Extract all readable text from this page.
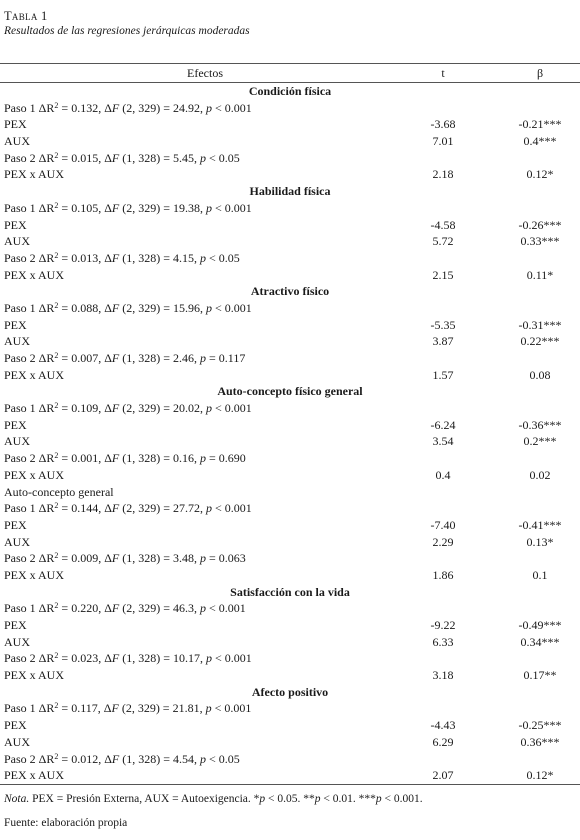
Tabla 1
Resultados de las regresiones jerárquicas moderadas
Efectos	t	β
Condición física
Paso 1 $\Delta R^2 = 0.132$, ΔF (2, 329) = 24.92, p < 0.001
PEX	-3.68	-0.21***
AUX	7.01	0.4***
Paso 2 $\Delta R^2 = 0.015$, ΔF (1, 328) = 5.45, p < 0.05
PEX x AUX	2.18	0.12*
Habilidad física
Paso 1 $\Delta R^2 = 0.105$, ΔF (2, 329) = 19.38, p < 0.001
PEX	-4.58	-0.26***
AUX	5.72	0.33***
Paso 2 $\Delta R^2 = 0.013$, ΔF (1, 328) = 4.15, p < 0.05
PEX x AUX	2.15	0.11*
Atractivo físico
Paso 1 $\Delta R^2 = 0.088$, ΔF (2, 329) = 15.96, p < 0.001
PEX	-5.35	-0.31***
AUX	3.87	0.22***
Paso 2 $\Delta R^2 = 0.007$, ΔF (1, 328) = 2.46, p = 0.117
PEX x AUX	1.57	0.08
Auto-concepto físico general
Paso 1 $\Delta R^2 = 0.109$, ΔF (2, 329) = 20.02, p < 0.001
PEX	-6.24	-0.36***
AUX	3.54	0.2***
Paso 2 $\Delta R^2 = 0.001$, ΔF (1, 328) = 0.16, p = 0.690
PEX x AUX	0.4	0.02
Auto-concepto general
Paso 1 $\Delta R^2 = 0.144$, ΔF (2, 329) = 27.72, p < 0.001
PEX	-7.40	-0.41***
AUX	2.29	0.13*
Paso 2 $\Delta R^2 = 0.009$, ΔF (1, 328) = 3.48, p = 0.063
PEX x AUX	1.86	0.1
Satisfacción con la vida
Paso 1 $\Delta R^2 = 0.220$, ΔF (2, 329) = 46.3, p < 0.001
PEX	-9.22	-0.49***
AUX	6.33	0.34***
Paso 2 $\Delta R^2 = 0.023$, ΔF (1, 328) = 10.17, p < 0.001
PEX x AUX	3.18	0.17**
Afecto positivo
Paso 1 $\Delta R^2 = 0.117$, ΔF (2, 329) = 21.81, p < 0.001
PEX	-4.43	-0.25***
AUX	6.29	0.36***
Paso 2 $\Delta R^2 = 0.012$, ΔF (1, 328) = 4.54, p < 0.05
PEX x AUX	2.07	0.12*
Nota. PEX = Presión Externa, AUX = Autoexigencia. *p < 0.05. **p < 0.01. ***p < 0.001.
Fuente: elaboración propia
